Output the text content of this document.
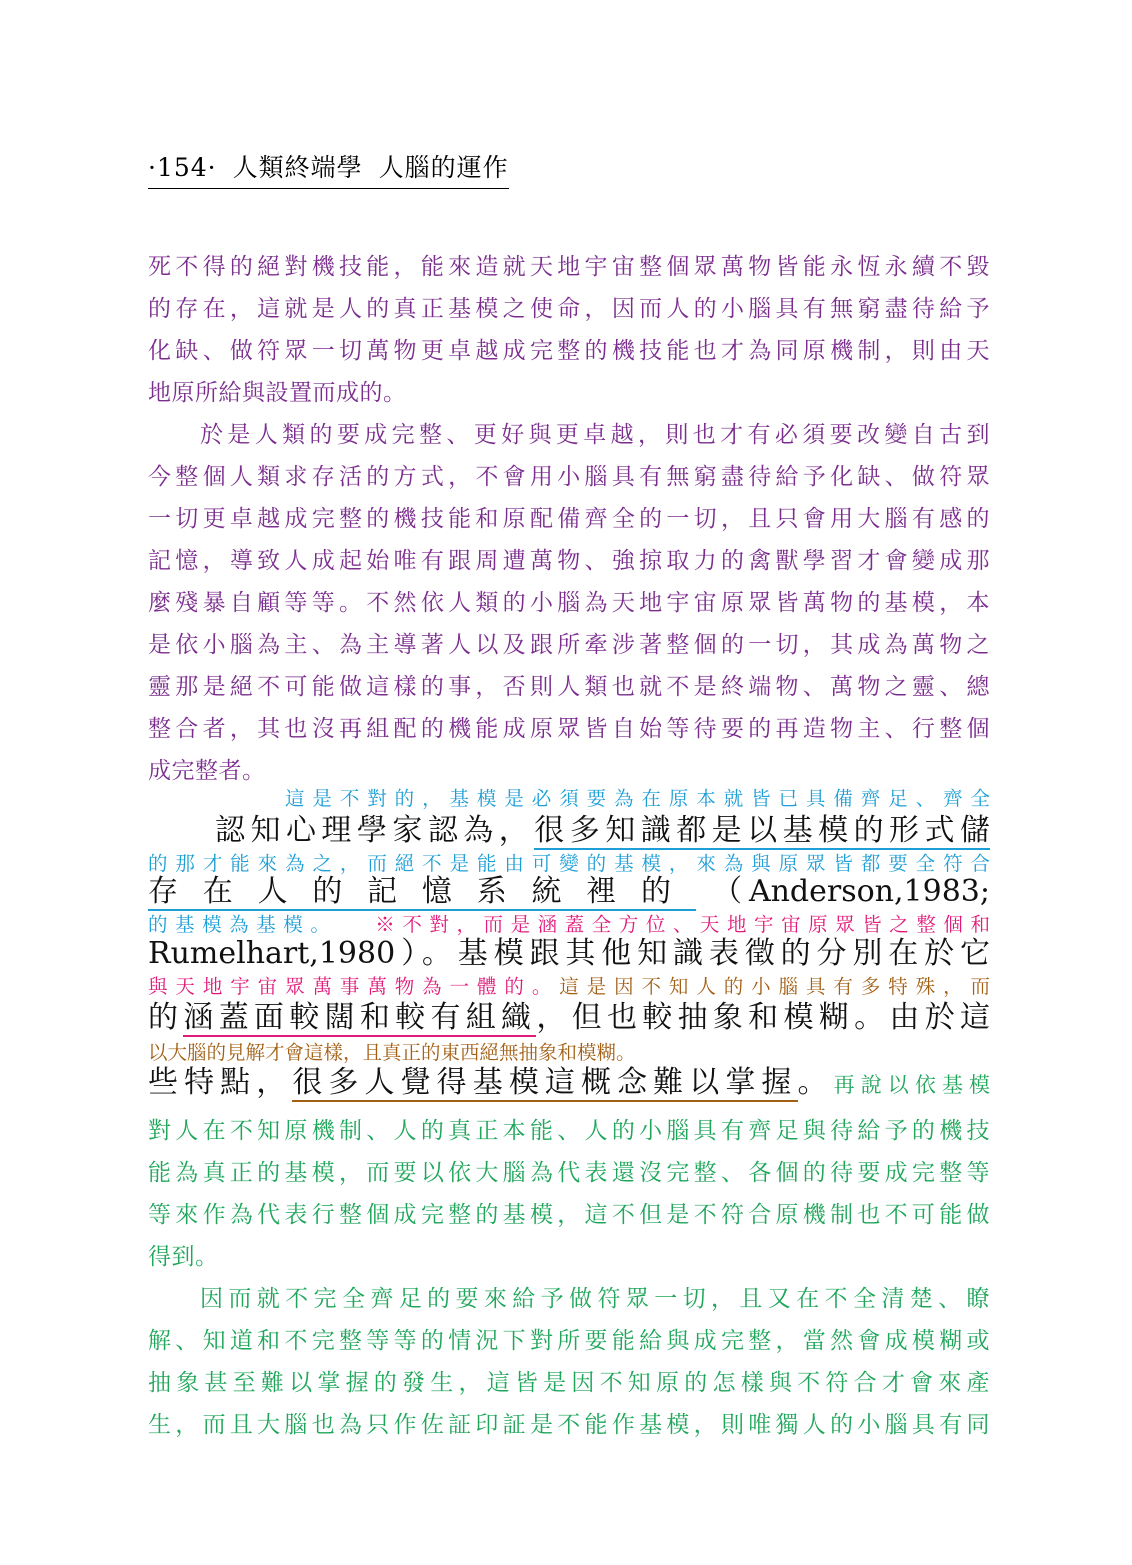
·154· 人類終端學 人腦的運作
死不得的絕對機技能，能來造就天地宇宙整個眾萬物皆能永恆永續不毀
的存在，這就是人的真正基模之使命，因而人的小腦具有無窮盡待給予
化缺、做符眾一切萬物更卓越成完整的機技能也才為同原機制，則由天
地原所給與設置而成的。
於是人類的要成完整、更好與更卓越，則也才有必須要改變自古到
今整個人類求存活的方式，不會用小腦具有無窮盡待給予化缺、做符眾
一切更卓越成完整的機技能和原配備齊全的一切，且只會用大腦有感的
記憶，導致人成起始唯有跟周遭萬物、強掠取力的禽獸學習才會變成那
麼殘暴自顧等等。不然依人類的小腦為天地宇宙原眾皆萬物的基模，本
是依小腦為主、為主導著人以及跟所牽涉著整個的一切，其成為萬物之
靈那是絕不可能做這樣的事，否則人類也就不是終端物、萬物之靈、總
整合者，其也沒再組配的機能成原眾皆自始等待要的再造物主、行整個
成完整者。
這是不對的，基模是必須要為在原本就皆已具備齊足、齊全
認知心理學家認為，很多知識都是以基模的形式儲
的那才能來為之，而絕不是能由可變的基模，來為與原眾皆都要全符合
存在人的記憶系統裡的 （Anderson,1983;
的基模為基模。 ※不對，而是涵蓋全方位、天地宇宙原眾皆之整個和
Rumelhart,1980）。基模跟其他知識表徵的分別在於它
與天地宇宙眾萬事萬物為一體的。這是因不知人的小腦具有多特殊，而
的涵蓋面較闊和較有組織，但也較抽象和模糊。由於這
以大腦的見解才會這樣，且真正的東西絕無抽象和模糊。
些特點，很多人覺得基模這概念難以掌握。再說以依基模
對人在不知原機制、人的真正本能、人的小腦具有齊足與待給予的機技
能為真正的基模，而要以依大腦為代表還沒完整、各個的待要成完整等
等來作為代表行整個成完整的基模，這不但是不符合原機制也不可能做
得到。
因而就不完全齊足的要來給予做符眾一切，且又在不全清楚、瞭
解、知道和不完整等等的情況下對所要能給與成完整，當然會成模糊或
抽象甚至難以掌握的發生，這皆是因不知原的怎樣與不符合才會來產
生，而且大腦也為只作佐証印証是不能作基模，則唯獨人的小腦具有同
